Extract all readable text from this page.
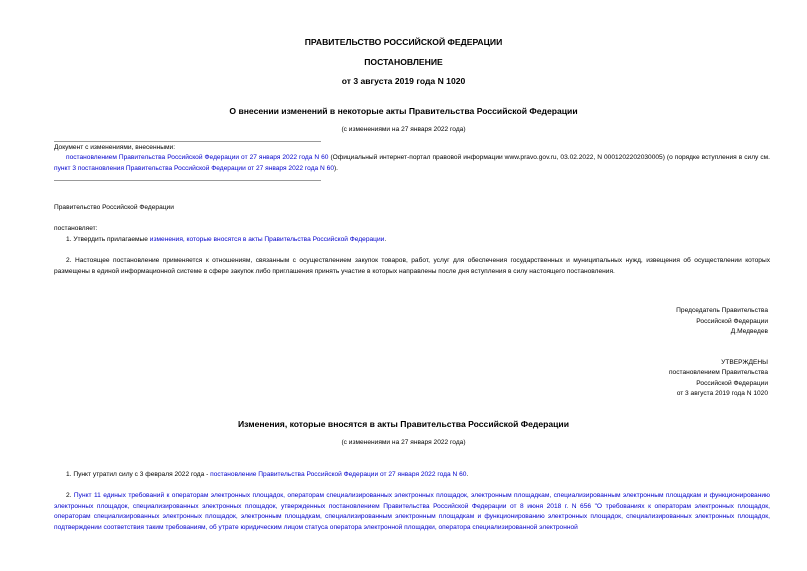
ПРАВИТЕЛЬСТВО РОССИЙСКОЙ ФЕДЕРАЦИИ
ПОСТАНОВЛЕНИЕ
от 3 августа 2019 года N 1020
О внесении изменений в некоторые акты Правительства Российской Федерации
(с изменениями на 27 января 2022 года)
Документ с изменениями, внесенными:
постановлением Правительства Российской Федерации от 27 января 2022 года N 60 (Официальный интернет-портал правовой информации www.pravo.gov.ru, 03.02.2022, N 0001202202030005) (о порядке вступления в силу см. пункт 3 постановления Правительства Российской Федерации от 27 января 2022 года N 60).
Правительство Российской Федерации
постановляет:
1. Утвердить прилагаемые изменения, которые вносятся в акты Правительства Российской Федерации.
2. Настоящее постановление применяется к отношениям, связанным с осуществлением закупок товаров, работ, услуг для обеспечения государственных и муниципальных нужд, извещения об осуществлении которых размещены в единой информационной системе в сфере закупок либо приглашения принять участие в которых направлены после дня вступления в силу настоящего постановления.
Председатель Правительства
Российской Федерации
Д.Медведев
УТВЕРЖДЕНЫ
постановлением Правительства
Российской Федерации
от 3 августа 2019 года N 1020
Изменения, которые вносятся в акты Правительства Российской Федерации
(с изменениями на 27 января 2022 года)
1. Пункт утратил силу с 3 февраля 2022 года - постановление Правительства Российской Федерации от 27 января 2022 года N 60.
2. Пункт 11 единых требований к операторам электронных площадок, операторам специализированных электронных площадок, электронным площадкам, специализированным электронным площадкам и функционированию электронных площадок, специализированных электронных площадок, утвержденных постановлением Правительства Российской Федерации от 8 июня 2018 г. N 656 "О требованиях к операторам электронных площадок, операторам специализированных электронных площадок, электронным площадкам, специализированным электронным площадкам и функционированию электронных площадок, специализированных электронных площадок, подтверждении соответствия таким требованиям, об утрате юридическим лицом статуса оператора электронной площадки, оператора специализированной электронной
